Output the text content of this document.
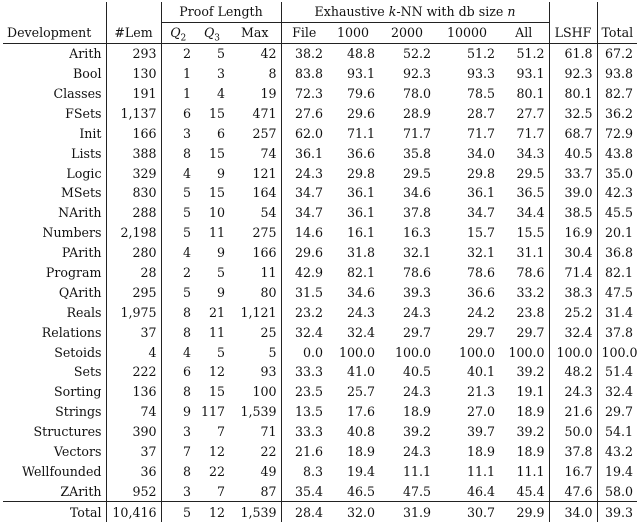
		Proof Length			Exhaustive k-NN with db size n						
Development	#Lem	$Q_2$	$Q_3$	Max	File	1000	2000	10000	All	LSHF	Total
Arith	293	2	5	42	38.2	48.8	52.2	51.2	51.2	61.8	67.2
Bool	130	1	3	8	83.8	93.1	92.3	93.3	93.1	92.3	93.8
Classes	191	1	4	19	72.3	79.6	78.0	78.5	80.1	80.1	82.7
FSets	1,137	6	15	471	27.6	29.6	28.9	28.7	27.7	32.5	36.2
Init	166	3	6	257	62.0	71.1	71.7	71.7	71.7	68.7	72.9
Lists	388	8	15	74	36.1	36.6	35.8	34.0	34.3	40.5	43.8
Logic	329	4	9	121	24.3	29.8	29.5	29.8	29.5	33.7	35.0
MSets	830	5	15	164	34.7	36.1	34.6	36.1	36.5	39.0	42.3
NArith	288	5	10	54	34.7	36.1	37.8	34.7	34.4	38.5	45.5
Numbers	2,198	5	11	275	14.6	16.1	16.3	15.7	15.5	16.9	20.1
PArith	280	4	9	166	29.6	31.8	32.1	32.1	31.1	30.4	36.8
Program	28	2	5	11	42.9	82.1	78.6	78.6	78.6	71.4	82.1
QArith	295	5	9	80	31.5	34.6	39.3	36.6	33.2	38.3	47.5
Reals	1,975	8	21	1,121	23.2	24.3	24.3	24.2	23.8	25.2	31.4
Relations	37	8	11	25	32.4	32.4	29.7	29.7	29.7	32.4	37.8
Setoids	4	4	5	5	0.0	100.0	100.0	100.0	100.0	100.0	100.0
Sets	222	6	12	93	33.3	41.0	40.5	40.1	39.2	48.2	51.4
Sorting	136	8	15	100	23.5	25.7	24.3	21.3	19.1	24.3	32.4
Strings	74	9	117	1,539	13.5	17.6	18.9	27.0	18.9	21.6	29.7
Structures	390	3	7	71	33.3	40.8	39.2	39.7	39.2	50.0	54.1
Vectors	37	7	12	22	21.6	18.9	24.3	18.9	18.9	37.8	43.2
Wellfounded	36	8	22	49	8.3	19.4	11.1	11.1	11.1	16.7	19.4
ZArith	952	3	7	87	35.4	46.5	47.5	46.4	45.4	47.6	58.0
Total	10,416	5	12	1,539	28.4	32.0	31.9	30.7	29.9	34.0	39.3
